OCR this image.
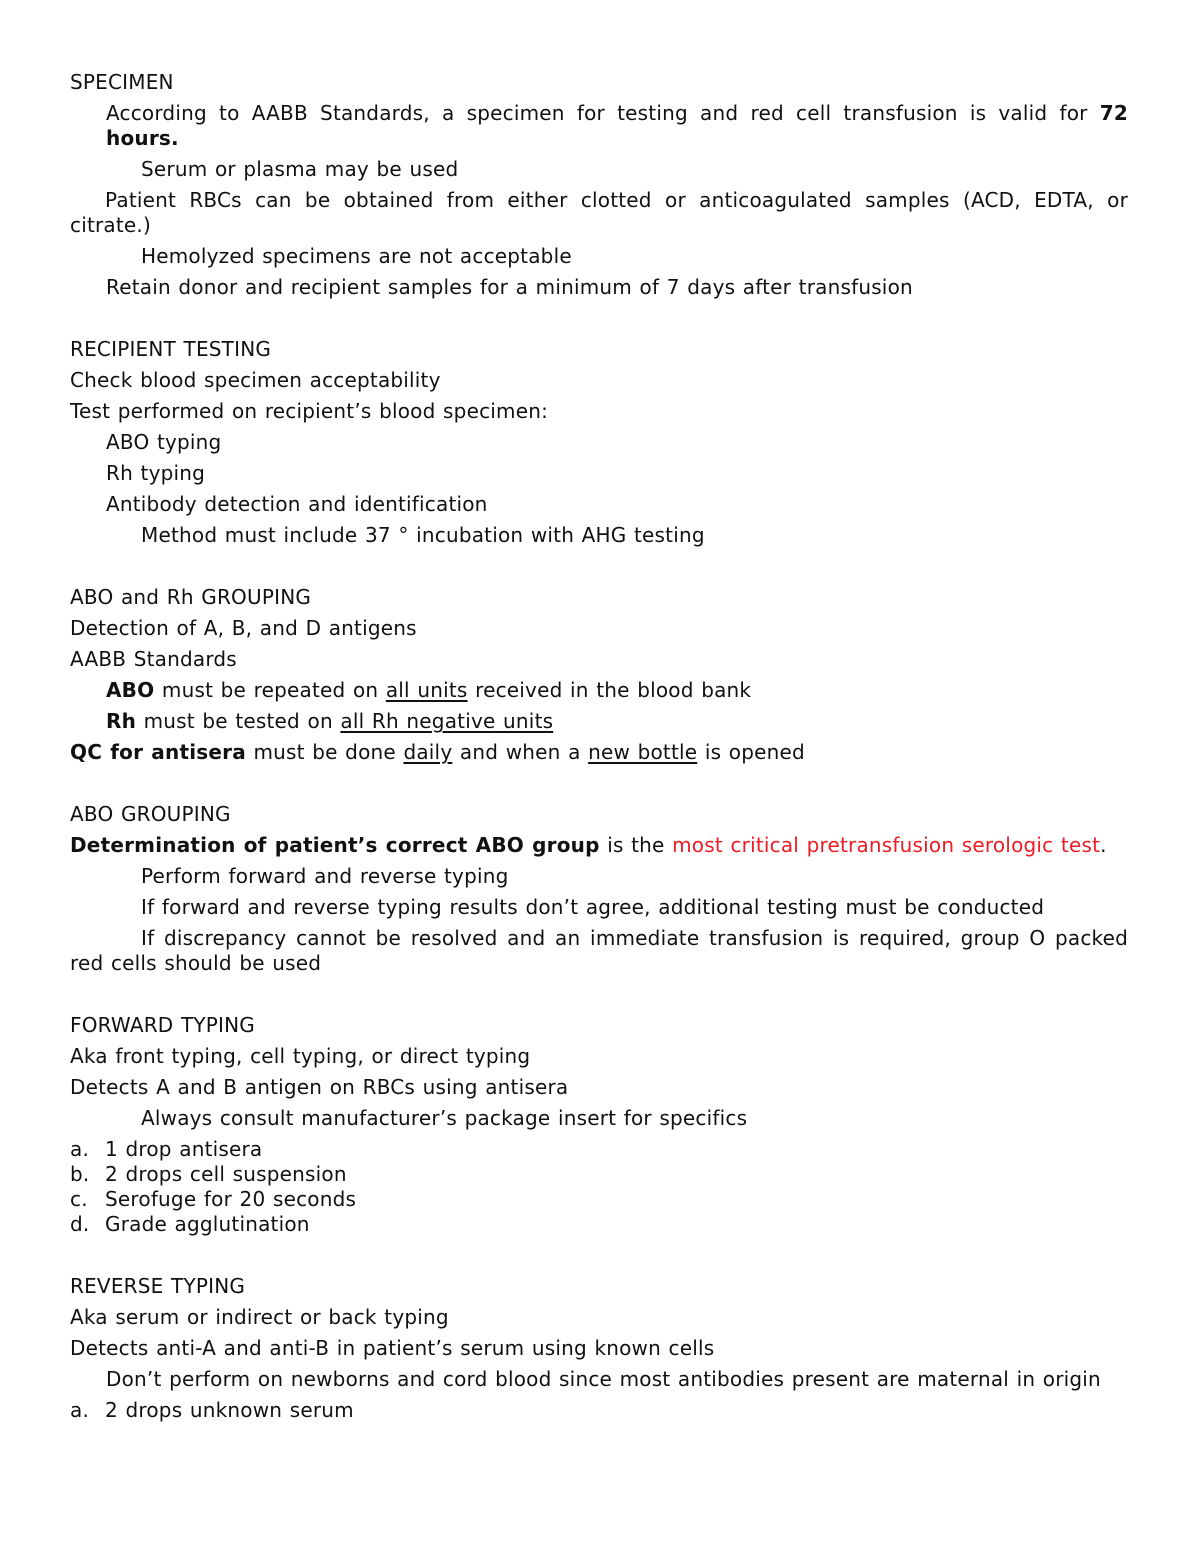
SPECIMEN
According to AABB Standards, a specimen for testing and red cell transfusion is valid for 72 hours.
Serum or plasma may be used
Patient RBCs can be obtained from either clotted or anticoagulated samples (ACD, EDTA, or citrate.)
Hemolyzed specimens are not acceptable
Retain donor and recipient samples for a minimum of 7 days after transfusion
RECIPIENT TESTING
Check blood specimen acceptability
Test performed on recipient’s blood specimen:
ABO typing
Rh typing
Antibody detection and identification
Method must include 37 ° incubation with AHG testing
ABO and Rh GROUPING
Detection of A, B, and D antigens
AABB Standards
ABO must be repeated on all units received in the blood bank
Rh must be tested on all Rh negative units
QC for antisera must be done daily and when a new bottle is opened
ABO GROUPING
Determination of patient’s correct ABO group is the most critical pretransfusion serologic test.
Perform forward and reverse typing
If forward and reverse typing results don’t agree, additional testing must be conducted
If discrepancy cannot be resolved and an immediate transfusion is required, group O packed red cells should be used
FORWARD TYPING
Aka front typing, cell typing, or direct typing
Detects A and B antigen on RBCs using antisera
Always consult manufacturer’s package insert for specifics
a. 1 drop antisera
b. 2 drops cell suspension
c. Serofuge for 20 seconds
d. Grade agglutination
REVERSE TYPING
Aka serum or indirect or back typing
Detects anti-A and anti-B in patient’s serum using known cells
Don’t perform on newborns and cord blood since most antibodies present are maternal in origin
a. 2 drops unknown serum
